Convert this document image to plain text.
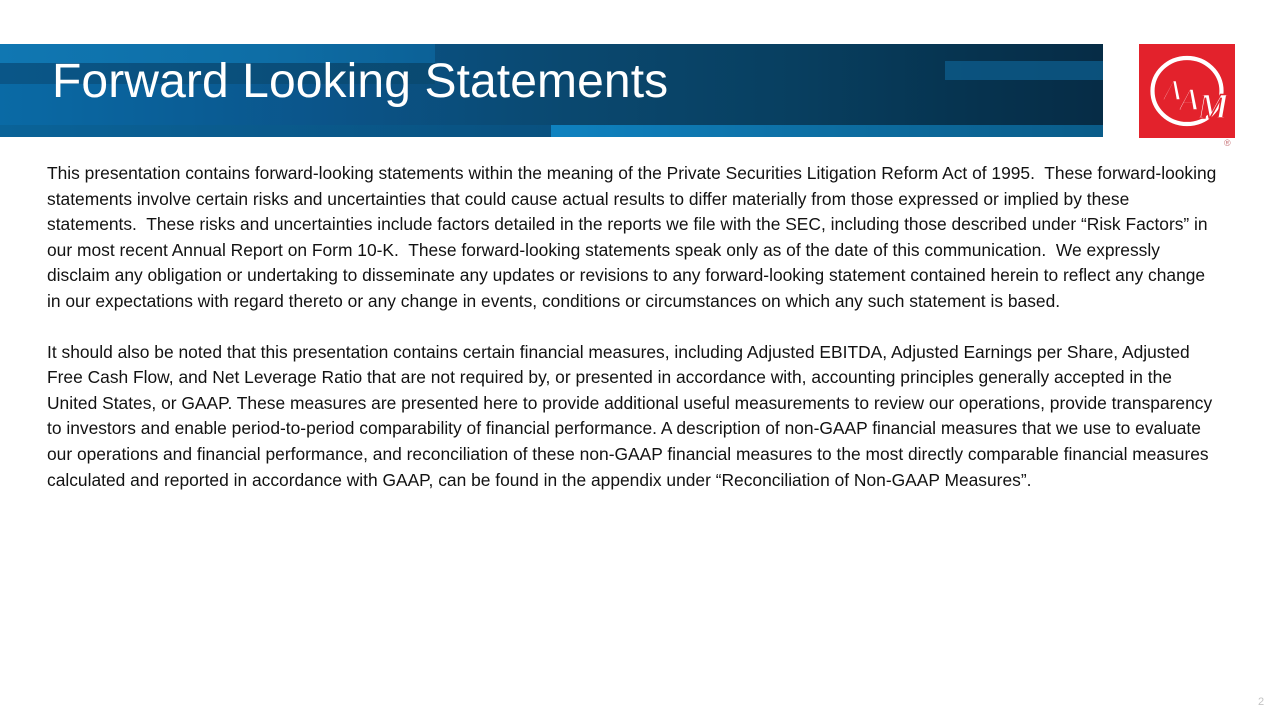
Forward Looking Statements	A
A
M
®

This presentation contains forward-looking statements within the meaning of the Private Securities Litigation Reform Act of 1995.  These forward-looking statements involve certain risks and uncertainties that could cause actual results to differ materially from those expressed or implied by these statements.  These risks and uncertainties include factors detailed in the reports we file with the SEC, including those described under “Risk Factors” in our most recent Annual Report on Form 10-K.  These forward-looking statements speak only as of the date of this communication.  We expressly disclaim any obligation or undertaking to disseminate any updates or revisions to any forward-looking statement contained herein to reflect any change in our expectations with regard thereto or any change in events, conditions or circumstances on which any such statement is based.

It should also be noted that this presentation contains certain financial measures, including Adjusted EBITDA, Adjusted Earnings per Share, Adjusted Free Cash Flow, and Net Leverage Ratio that are not required by, or presented in accordance with, accounting principles generally accepted in the United States, or GAAP. These measures are presented here to provide additional useful measurements to review our operations, provide transparency to investors and enable period-to-period comparability of financial performance. A description of non-GAAP financial measures that we use to evaluate our operations and financial performance, and reconciliation of these non-GAAP financial measures to the most directly comparable financial measures calculated and reported in accordance with GAAP, can be found in the appendix under “Reconciliation of Non-GAAP Measures”.

2
